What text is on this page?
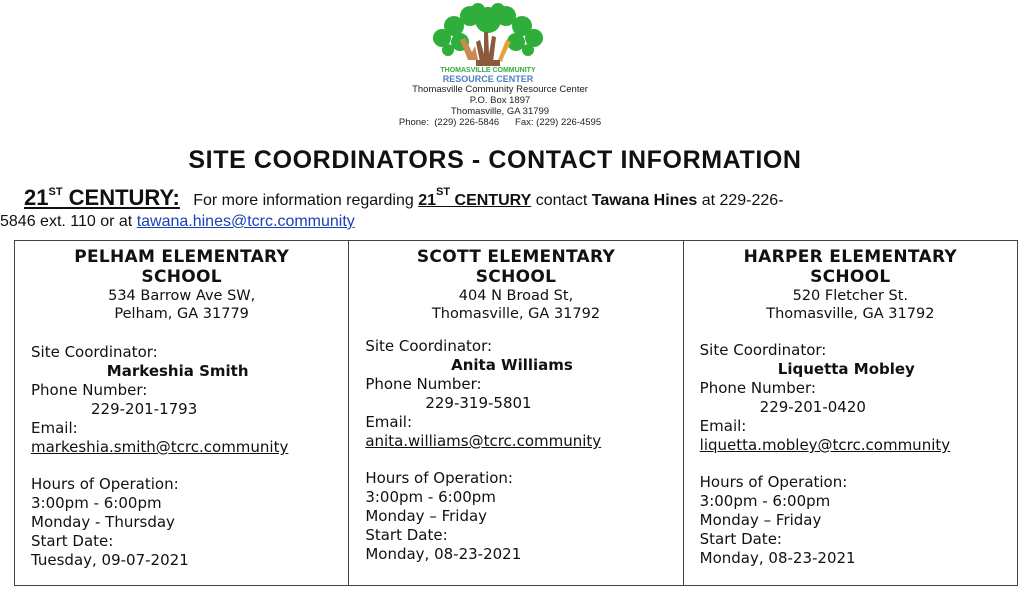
THOMASVILLE COMMUNITY
RESOURCE CENTER
Thomasville Community Resource Center
P.O. Box 1897
Thomasville, GA 31799
Phone:  (229) 226-5846      Fax: (229) 226-4595
SITE COORDINATORS - CONTACT INFORMATION
21ST CENTURY: For more information regarding 21ST CENTURY contact Tawana Hines at 229-226-
5846 ext. 110 or at tawana.hines@tcrc.community
PELHAM ELEMENTARY
SCHOOL
534 Barrow Ave SW,
Pelham, GA 31779
Site Coordinator:
Markeshia Smith
Phone Number:
229-201-1793
Email:
markeshia.smith@tcrc.community
Hours of Operation:
3:00pm - 6:00pm
Monday - Thursday
Start Date:
Tuesday, 09-07-2021

SCOTT ELEMENTARY
SCHOOL
404 N Broad St,
Thomasville, GA 31792
Site Coordinator:
Anita Williams
Phone Number:
229-319-5801
Email:
anita.williams@tcrc.community
Hours of Operation:
3:00pm - 6:00pm
Monday – Friday
Start Date:
Monday, 08-23-2021

HARPER ELEMENTARY
SCHOOL
520 Fletcher St.
Thomasville, GA 31792
Site Coordinator:
Liquetta Mobley
Phone Number:
229-201-0420
Email:
liquetta.mobley@tcrc.community
Hours of Operation:
3:00pm - 6:00pm
Monday – Friday
Start Date:
Monday, 08-23-2021
